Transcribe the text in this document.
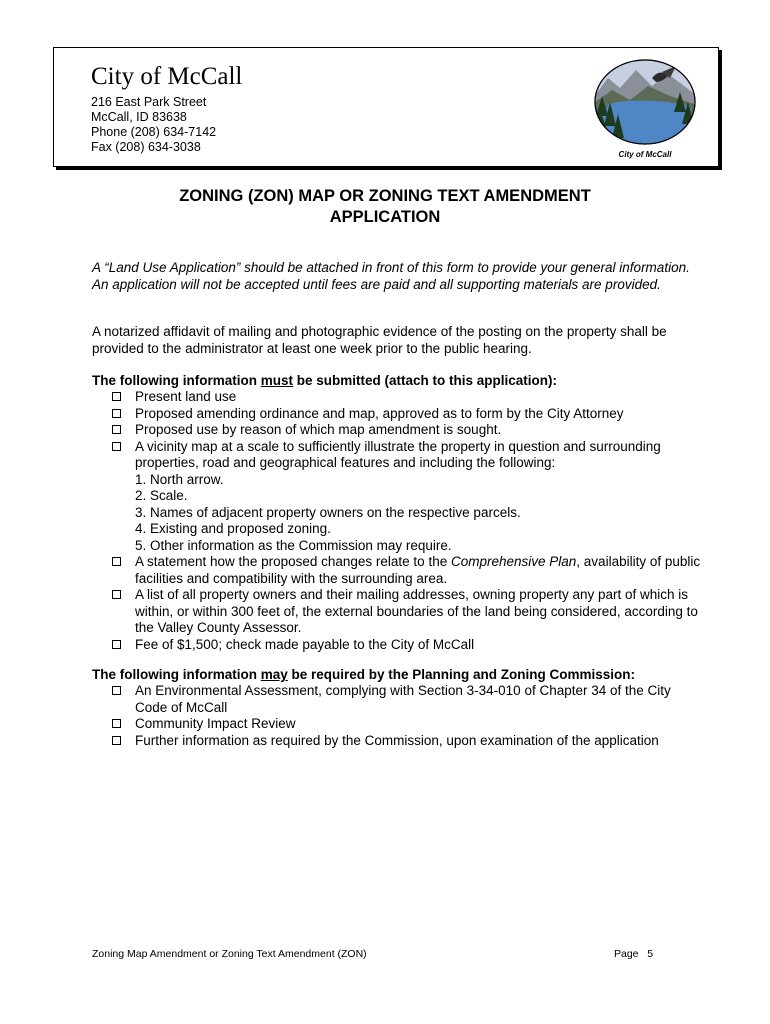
City of McCall
216 East Park Street
McCall, ID 83638
Phone (208) 634-7142
Fax (208) 634-3038
City of McCall
ZONING (ZON) MAP OR ZONING TEXT AMENDMENT
APPLICATION
A “Land Use Application” should be attached in front of this form to provide your general information. An application will not be accepted until fees are paid and all supporting materials are provided.
A notarized affidavit of mailing and photographic evidence of the posting on the property shall be provided to the administrator at least one week prior to the public hearing.
The following information must be submitted (attach to this application):
Present land use
Proposed amending ordinance and map, approved as to form by the City Attorney
Proposed use by reason of which map amendment is sought.
A vicinity map at a scale to sufficiently illustrate the property in question and surrounding properties, road and geographical features and including the following:
1. North arrow.
2. Scale.
3. Names of adjacent property owners on the respective parcels.
4. Existing and proposed zoning.
5. Other information as the Commission may require.
A statement how the proposed changes relate to the Comprehensive Plan, availability of public facilities and compatibility with the surrounding area.
A list of all property owners and their mailing addresses, owning property any part of which is within, or within 300 feet of, the external boundaries of the land being considered, according to the Valley County Assessor.
Fee of $1,500; check made payable to the City of McCall
The following information may be required by the Planning and Zoning Commission:
An Environmental Assessment, complying with Section 3-34-010 of Chapter 34 of the City Code of McCall
Community Impact Review
Further information as required by the Commission, upon examination of the application
Zoning Map Amendment or Zoning Text Amendment (ZON)	Page 5
